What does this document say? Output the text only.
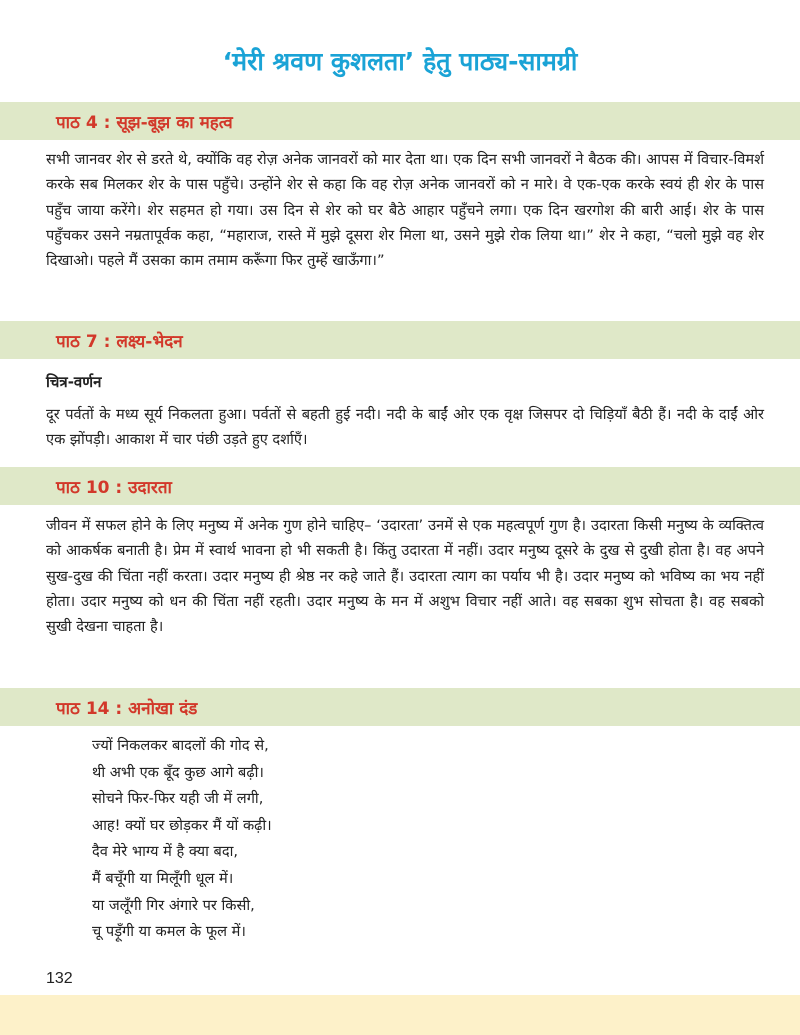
‘मेरी श्रवण कुशलता’ हेतु पाठ्य-सामग्री
पाठ 4 : सूझ-बूझ का महत्व
सभी जानवर शेर से डरते थे, क्योंकि वह रोज़ अनेक जानवरों को मार देता था। एक दिन सभी जानवरों ने बैठक की। आपस में विचार-विमर्श करके सब मिलकर शेर के पास पहुँचे। उन्होंने शेर से कहा कि वह रोज़ अनेक जानवरों को न मारे। वे एक-एक करके स्वयं ही शेर के पास पहुँच जाया करेंगे। शेर सहमत हो गया। उस दिन से शेर को घर बैठे आहार पहुँचने लगा। एक दिन खरगोश की बारी आई। शेर के पास पहुँचकर उसने नम्रतापूर्वक कहा, “महाराज, रास्ते में मुझे दूसरा शेर मिला था, उसने मुझे रोक लिया था।” शेर ने कहा, “चलो मुझे वह शेर दिखाओ। पहले मैं उसका काम तमाम करूँगा फिर तुम्हें खाऊँगा।”
पाठ 7 : लक्ष्य-भेदन
चित्र-वर्णन
दूर पर्वतों के मध्य सूर्य निकलता हुआ। पर्वतों से बहती हुई नदी। नदी के बाईं ओर एक वृक्ष जिसपर दो चिड़ियाँ बैठी हैं। नदी के दाईं ओर एक झोंपड़ी। आकाश में चार पंछी उड़ते हुए दर्शाएँ।
पाठ 10 : उदारता
जीवन में सफल होने के लिए मनुष्य में अनेक गुण होने चाहिए– ‘उदारता’ उनमें से एक महत्वपूर्ण गुण है। उदारता किसी मनुष्य के व्यक्तित्व को आकर्षक बनाती है। प्रेम में स्वार्थ भावना हो भी सकती है। किंतु उदारता में नहीं। उदार मनुष्य दूसरे के दुख से दुखी होता है। वह अपने सुख-दुख की चिंता नहीं करता। उदार मनुष्य ही श्रेष्ठ नर कहे जाते हैं। उदारता त्याग का पर्याय भी है। उदार मनुष्य को भविष्य का भय नहीं होता। उदार मनुष्य को धन की चिंता नहीं रहती। उदार मनुष्य के मन में अशुभ विचार नहीं आते। वह सबका शुभ सोचता है। वह सबको सुखी देखना चाहता है।
पाठ 14 : अनोखा दंड
ज्यों निकलकर बादलों की गोद से,
थी अभी एक बूँद कुछ आगे बढ़ी।
सोचने फिर-फिर यही जी में लगी,
आह! क्यों घर छोड़कर मैं यों कढ़ी।
दैव मेरे भाग्य में है क्या बदा,
मैं बचूँगी या मिलूँगी धूल में।
या जलूँगी गिर अंगारे पर किसी,
चू पड़ूँगी या कमल के फूल में।
132
